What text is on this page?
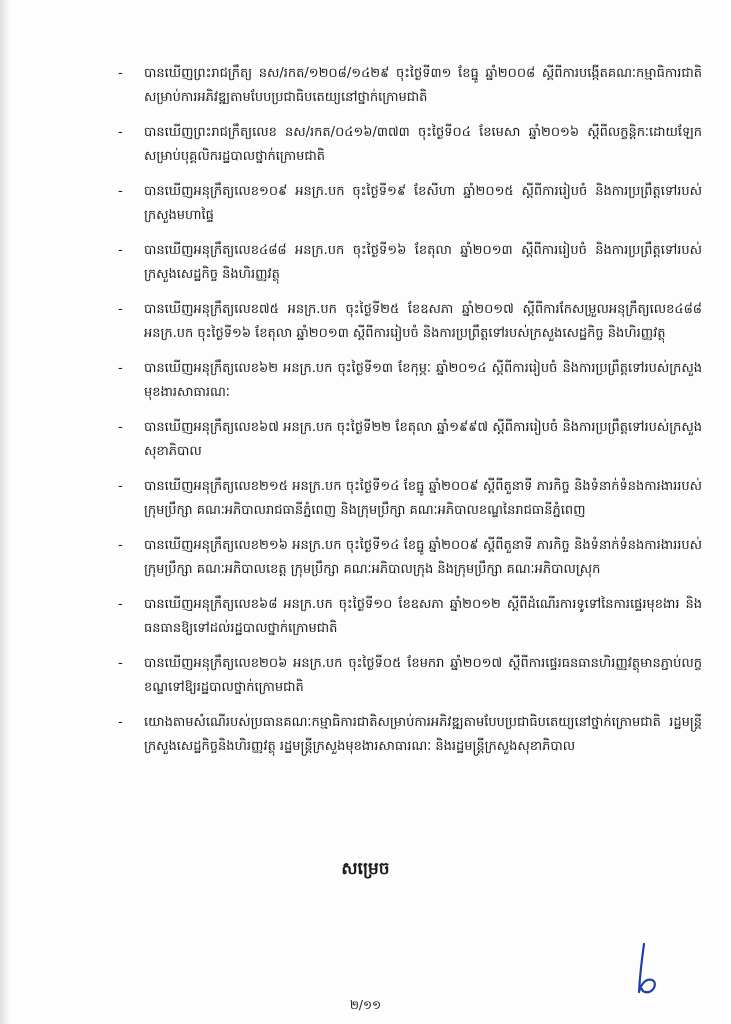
- បានឃើញព្រះរាជក្រឹត្យ នស/រកត/១២០៨/១៤២៩ ចុះថ្ងៃទី៣១ ខែធ្នូ ឆ្នាំ២០០៨ ស្ដីពីការបង្កើតគណៈកម្មាធិការជាតិសម្រាប់ការអភិវឌ្ឍតាមបែបប្រជាធិបតេយ្យនៅថ្នាក់ក្រោមជាតិ
- បានឃើញព្រះរាជក្រឹត្យលេខ នស/រកត/០៤១៦/៣៧៣ ចុះថ្ងៃទី០៤ ខែមេសា ឆ្នាំ២០១៦ ស្ដីពីលក្ខន្តិកៈដោយឡែកសម្រាប់បុគ្គលិករដ្ឋបាលថ្នាក់ក្រោមជាតិ
- បានឃើញអនុក្រឹត្យលេខ១០៩ អនក្រ.បក ចុះថ្ងៃទី១៩ ខែសីហា ឆ្នាំ២០១៥ ស្ដីពីការរៀបចំ និងការប្រព្រឹត្តទៅរបស់ក្រសួងមហាផ្ទៃ
- បានឃើញអនុក្រឹត្យលេខ៤៨៨ អនក្រ.បក ចុះថ្ងៃទី១៦ ខែតុលា ឆ្នាំ២០១៣ ស្ដីពីការរៀបចំ និងការប្រព្រឹត្តទៅរបស់ក្រសួងសេដ្ឋកិច្ច និងហិរញ្ញវត្ថុ
- បានឃើញអនុក្រឹត្យលេខ៧៥ អនក្រ.បក ចុះថ្ងៃទី២៥ ខែឧសភា ឆ្នាំ២០១៧ ស្ដីពីការកែសម្រួលអនុក្រឹត្យលេខ៤៨៨ អនក្រ.បក ចុះថ្ងៃទី១៦ ខែតុលា ឆ្នាំ២០១៣ ស្ដីពីការរៀបចំ និងការប្រព្រឹត្តទៅរបស់ក្រសួងសេដ្ឋកិច្ច និងហិរញ្ញវត្ថុ
- បានឃើញអនុក្រឹត្យលេខ៦២ អនក្រ.បក ចុះថ្ងៃទី១៣ ខែកុម្ភៈ ឆ្នាំ២០១៤ ស្ដីពីការរៀបចំ និងការប្រព្រឹត្តទៅរបស់ក្រសួងមុខងារសាធារណៈ
- បានឃើញអនុក្រឹត្យលេខ៦៧ អនក្រ.បក ចុះថ្ងៃទី២២ ខែតុលា ឆ្នាំ១៩៩៧ ស្ដីពីការរៀបចំ និងការប្រព្រឹត្តទៅរបស់ក្រសួងសុខាភិបាល
- បានឃើញអនុក្រឹត្យលេខ២១៥ អនក្រ.បក ចុះថ្ងៃទី១៤ ខែធ្នូ ឆ្នាំ២០០៩ ស្ដីពីតួនាទី ភារកិច្ច និងទំនាក់ទំនងការងាររបស់ក្រុមប្រឹក្សា គណៈអភិបាលរាជធានីភ្នំពេញ និងក្រុមប្រឹក្សា គណៈអភិបាលខណ្ឌនៃរាជធានីភ្នំពេញ
- បានឃើញអនុក្រឹត្យលេខ២១៦ អនក្រ.បក ចុះថ្ងៃទី១៤ ខែធ្នូ ឆ្នាំ២០០៩ ស្ដីពីតួនាទី ភារកិច្ច និងទំនាក់ទំនងការងាររបស់ក្រុមប្រឹក្សា គណៈអភិបាលខេត្ត ក្រុមប្រឹក្សា គណៈអភិបាលក្រុង និងក្រុមប្រឹក្សា គណៈអភិបាលស្រុក
- បានឃើញអនុក្រឹត្យលេខ៦៨ អនក្រ.បក ចុះថ្ងៃទី១០ ខែឧសភា ឆ្នាំ២០១២ ស្ដីពីដំណើរការទូទៅនៃការផ្ទេរមុខងារ និងធនធានឱ្យទៅដល់រដ្ឋបាលថ្នាក់ក្រោមជាតិ
- បានឃើញអនុក្រឹត្យលេខ២០៦ អនក្រ.បក ចុះថ្ងៃទី០៥ ខែមករា ឆ្នាំ២០១៧ ស្ដីពីការផ្ទេរធនធានហិរញ្ញវត្ថុមានភ្ជាប់លក្ខខណ្ឌទៅឱ្យរដ្ឋបាលថ្នាក់ក្រោមជាតិ
- យោងតាមសំណើរបស់ប្រធានគណៈកម្មាធិការជាតិសម្រាប់ការអភិវឌ្ឍតាមបែបប្រជាធិបតេយ្យនៅថ្នាក់ក្រោមជាតិ រដ្ឋមន្ត្រីក្រសួងសេដ្ឋកិច្ចនិងហិរញ្ញវត្ថុ រដ្ឋមន្ត្រីក្រសួងមុខងារសាធារណៈ និងរដ្ឋមន្ត្រីក្រសួងសុខាភិបាល
សម្រេច
២/១១
